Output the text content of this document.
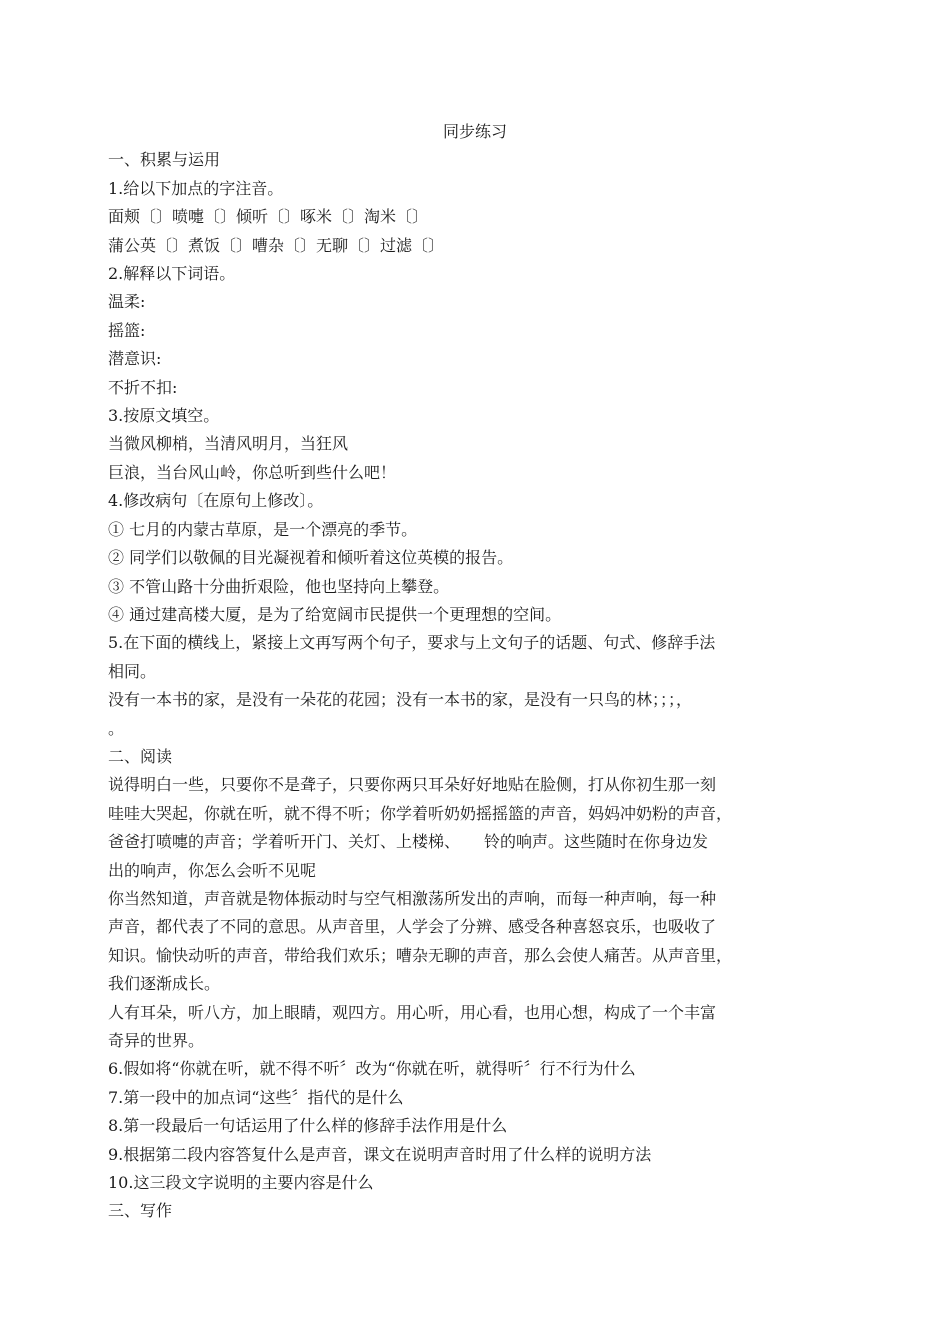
同步练习
一、积累与运用
1.给以下加点的字注音。
面颊〔〕喷嚏〔〕倾听〔〕啄米〔〕淘米〔〕
蒲公英〔〕煮饭〔〕嘈杂〔〕无聊〔〕过滤〔〕
2.解释以下词语。
温柔:
摇篮:
潜意识:
不折不扣:
3.按原文填空。
当微风柳梢，当清风明月，当狂风
巨浪，当台风山岭，你总听到些什么吧！
4.修改病句〔在原句上修改〕。
① 七月的内蒙古草原，是一个漂亮的季节。
② 同学们以敬佩的目光凝视着和倾听着这位英模的报告。
③ 不管山路十分曲折艰险，他也坚持向上攀登。
④ 通过建高楼大厦，是为了给宽阔市民提供一个更理想的空间。
5.在下面的横线上，紧接上文再写两个句子，要求与上文句子的话题、句式、修辞手法
相同。
没有一本书的家，是没有一朵花的花园；没有一本书的家，是没有一只鸟的林；；；，
。
二、阅读
说得明白一些，只要你不是聋子，只要你两只耳朵好好地贴在脸侧，打从你初生那一刻
哇哇大哭起，你就在听，就不得不听；你学着听奶奶摇摇篮的声音，妈妈冲奶粉的声音，
爸爸打喷嚏的声音；学着听开门、关灯、上楼梯、　　铃的响声。这些随时在你身边发
出的响声，你怎么会听不见呢
你当然知道，声音就是物体振动时与空气相激荡所发出的声响，而每一种声响，每一种
声音，都代表了不同的意思。从声音里，人学会了分辨、感受各种喜怒哀乐，也吸收了
知识。愉快动听的声音，带给我们欢乐；嘈杂无聊的声音，那么会使人痛苦。从声音里，
我们逐渐成长。
人有耳朵，听八方，加上眼睛，观四方。用心听，用心看，也用心想，构成了一个丰富
奇异的世界。
6.假如将“你就在听，就不得不听〞改为“你就在听，就得听〞行不行为什么
7.第一段中的加点词“这些〞指代的是什么
8.第一段最后一句话运用了什么样的修辞手法作用是什么
9.根据第二段内容答复什么是声音，课文在说明声音时用了什么样的说明方法
10.这三段文字说明的主要内容是什么
三、写作
